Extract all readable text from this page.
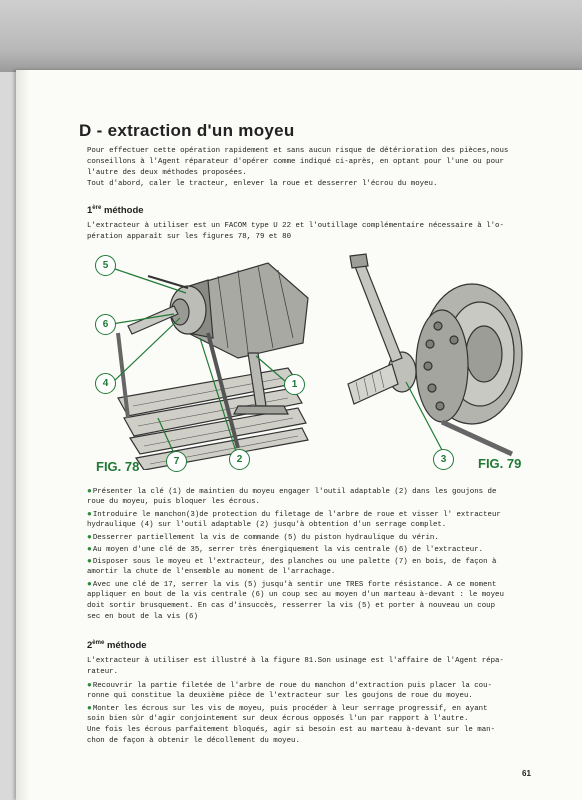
D - extraction d'un moyeu

Pour effectuer cette opération rapidement et sans aucun risque de détérioration des pièces,nous

conseillons à l'Agent réparateur d'opérer comme indiqué ci-après, en optant pour l'une ou pour

l'autre des deux méthodes proposées.

Tout d'abord, caler le tracteur, enlever la roue et desserrer l'écrou du moyeu.

1ère méthode

L'extracteur à utiliser est un FACOM type U 22 et l'outillage complémentaire nécessaire à l'o-

pération apparaît sur les figures 78, 79 et 80

5
6
4	1
2
7

FIG. 78	3	FIG. 79

● Présenter la clé (1) de maintien du moyeu engager l'outil adaptable (2) dans les goujons de

roue du moyeu, puis bloquer les écrous.

● Introduire le manchon(3)de protection du filetage de l'arbre de roue et visser l' extracteur

hydraulique (4) sur l'outil adaptable (2) jusqu'à obtention d'un serrage complet.

● Desserrer partiellement la vis de commande (5) du piston hydraulique du vérin.

● Au moyen d'une clé de 35, serrer très énergiquement la vis centrale (6) de l'extracteur.

● Disposer sous le moyeu et l'extracteur, des planches ou une palette (7) en bois, de façon à

amortir la chute de l'ensemble au moment de l'arrachage.

● Avec une clé de 17, serrer la vis (5) jusqu'à sentir une TRES forte résistance. A ce moment

appliquer en bout de la vis centrale (6) un coup sec au moyen d'un marteau à-devant : le moyeu

doit sortir brusquement. En cas d'insuccès, resserrer la vis (5) et porter à nouveau un coup

sec en bout de la vis (6)

2ème méthode

L'extracteur à utiliser est illustré à la figure 81.Son usinage est l'affaire de l'Agent répa-

rateur.

● Recouvrir la partie filetée de l'arbre de roue du manchon d'extraction puis placer la cou-

ronne qui constitue la deuxième pièce de l'extracteur sur les goujons de roue du moyeu.

● Monter les écrous sur les vis de moyeu, puis procéder à leur serrage progressif, en ayant

soin bien sûr d'agir conjointement sur deux écrous opposés l'un par rapport à l'autre.

Une fois les écrous parfaitement bloqués, agir si besoin est au marteau à-devant sur le man-

chon de façon à obtenir le décollement du moyeu.

61
